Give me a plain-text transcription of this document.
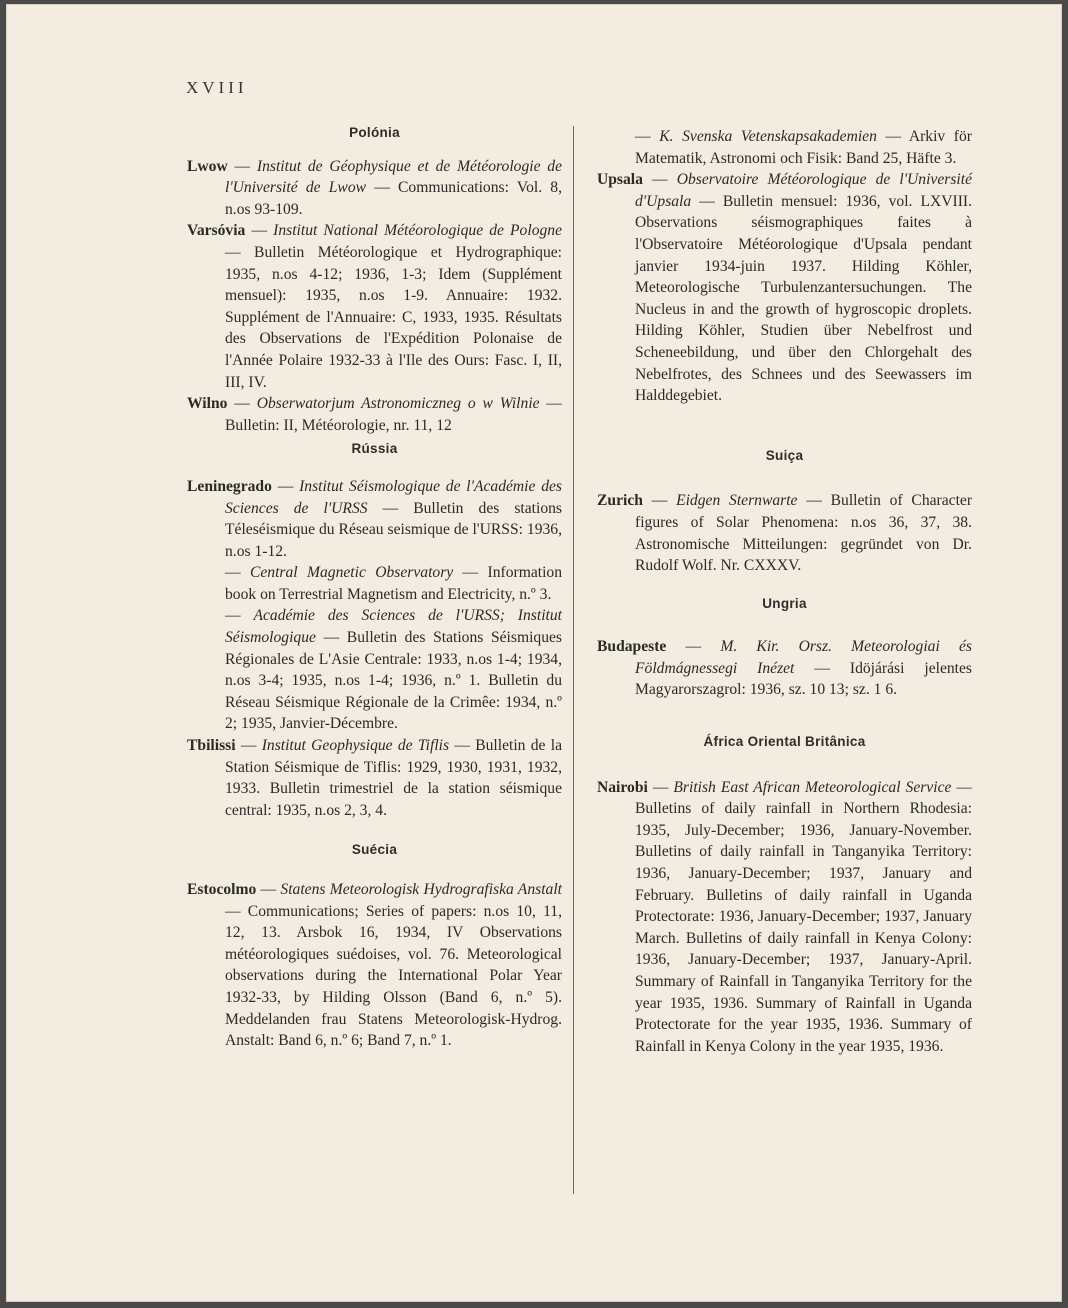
XVIII
Polónia
Lwow — Institut de Géophysique et de Météorologie de l'Université de Lwow — Communications: Vol. 8, n.os 93-109.
Varsóvia — Institut National Météorologique de Pologne — Bulletin Météorologique et Hydrographique: 1935, n.os 4-12; 1936, 1-3; Idem (Supplément mensuel): 1935, n.os 1-9. Annuaire: 1932. Supplément de l'Annuaire: C, 1933, 1935. Résultats des Observations de l'Expédition Polonaise de l'Année Polaire 1932-33 à l'Ile des Ours: Fasc. I, II, III, IV.
Wilno — Obserwatorjum Astronomiczneg o w Wilnie — Bulletin: II, Météorologie, nr. 11, 12
Rússia
Leninegrado — Institut Séismologique de l'Académie des Sciences de l'URSS — Bulletin des stations Téleséismique du Réseau seismique de l'URSS: 1936, n.os 1-12.
— Central Magnetic Observatory — Information book on Terrestrial Magnetism and Electricity, n.º 3.
— Académie des Sciences de l'URSS; Institut Séismologique — Bulletin des Stations Séismiques Régionales de L'Asie Centrale: 1933, n.os 1-4; 1934, n.os 3-4; 1935, n.os 1-4; 1936, n.º 1. Bulletin du Réseau Séismique Régionale de la Crimêe: 1934, n.º 2; 1935, Janvier-Décembre.
Tbilissi — Institut Geophysique de Tiflis — Bulletin de la Station Séismique de Tiflis: 1929, 1930, 1931, 1932, 1933. Bulletin trimestriel de la station séismique central: 1935, n.os 2, 3, 4.
Suécia
Estocolmo — Statens Meteorologisk Hydrografiska Anstalt — Communications; Series of papers: n.os 10, 11, 12, 13. Arsbok 16, 1934, IV Observations météorologiques suédoises, vol. 76. Meteorological observations during the International Polar Year 1932-33, by Hilding Olsson (Band 6, n.º 5). Meddelanden frau Statens Meteorologisk-Hydrog. Anstalt: Band 6, n.º 6; Band 7, n.º 1.
— K. Svenska Vetenskapsakademien — Arkiv för Matematik, Astronomi och Fisik: Band 25, Häfte 3.
Upsala — Observatoire Météorologique de l'Université d'Upsala — Bulletin mensuel: 1936, vol. LXVIII. Observations séismographiques faites à l'Observatoire Météorologique d'Upsala pendant janvier 1934-juin 1937. Hilding Köhler, Meteorologische Turbulenzantersuchungen. The Nucleus in and the growth of hygroscopic droplets. Hilding Köhler, Studien über Nebelfrost und Scheneebildung, und über den Chlorgehalt des Nebelfrotes, des Schnees und des Seewassers im Halddegebiet.
Suiça
Zurich — Eidgen Sternwarte — Bulletin of Character figures of Solar Phenomena: n.os 36, 37, 38. Astronomische Mitteilungen: gegründet von Dr. Rudolf Wolf. Nr. CXXXV.
Ungria
Budapeste — M. Kir. Orsz. Meteorologiai és Földmágnessegi Inézet — Idöjárási jelentes Magyarorszagrol: 1936, sz. 10 13; sz. 1 6.
África Oriental Britânica
Nairobi — British East African Meteorological Service — Bulletins of daily rainfall in Northern Rhodesia: 1935, July-December; 1936, January-November. Bulletins of daily rainfall in Tanganyika Territory: 1936, January-December; 1937, January and February. Bulletins of daily rainfall in Uganda Protectorate: 1936, January-December; 1937, January March. Bulletins of daily rainfall in Kenya Colony: 1936, January-December; 1937, January-April. Summary of Rainfall in Tanganyika Territory for the year 1935, 1936. Summary of Rainfall in Uganda Protectorate for the year 1935, 1936. Summary of Rainfall in Kenya Colony in the year 1935, 1936.
